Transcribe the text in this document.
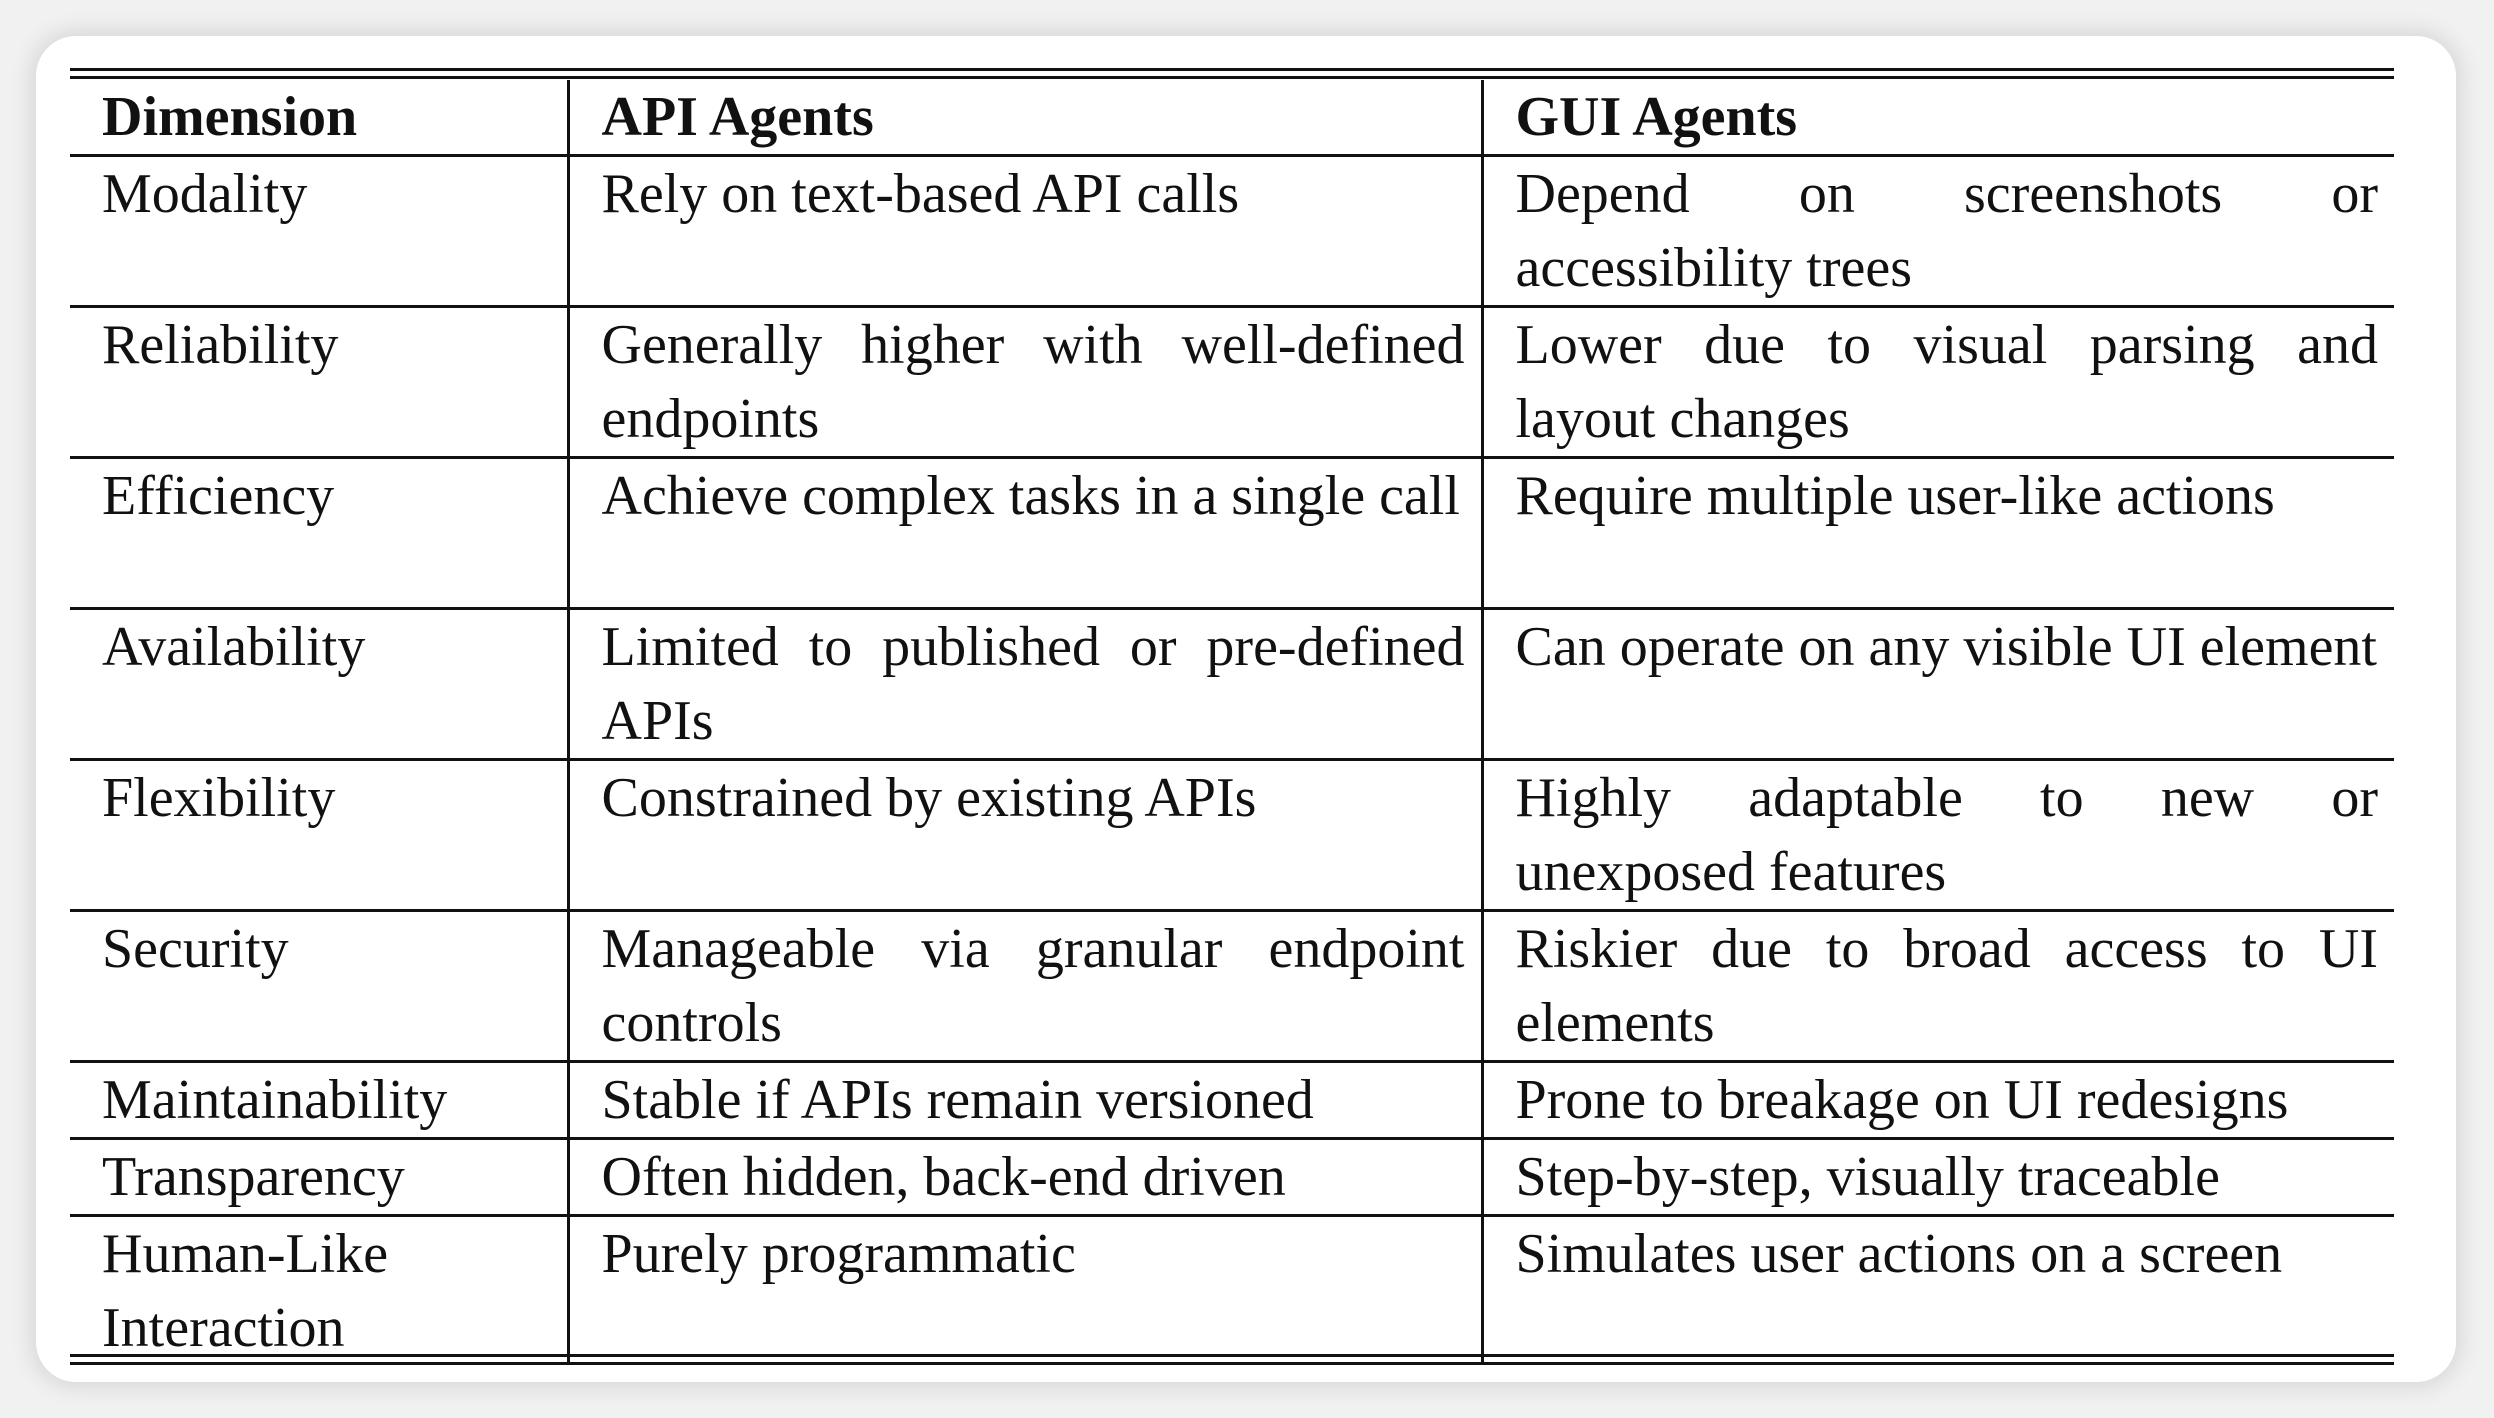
Dimension	API Agents	GUI Agents
Modality	Rely on text-based API calls	Depend on screenshots or accessibility trees
Reliability	Generally higher with well-defined endpoints	Lower due to visual parsing and layout changes
Efficiency	Achieve complex tasks in a single call	Require multiple user-like actions
Availability	Limited to published or pre-defined APIs	Can operate on any visible UI element
Flexibility	Constrained by existing APIs	Highly adaptable to new or unexposed features
Security	Manageable via granular endpoint controls	Riskier due to broad access to UI elements
Maintainability	Stable if APIs remain versioned	Prone to breakage on UI redesigns
Transparency	Often hidden, back-end driven	Step-by-step, visually traceable
Human-Like Interaction	Purely programmatic	Simulates user actions on a screen
